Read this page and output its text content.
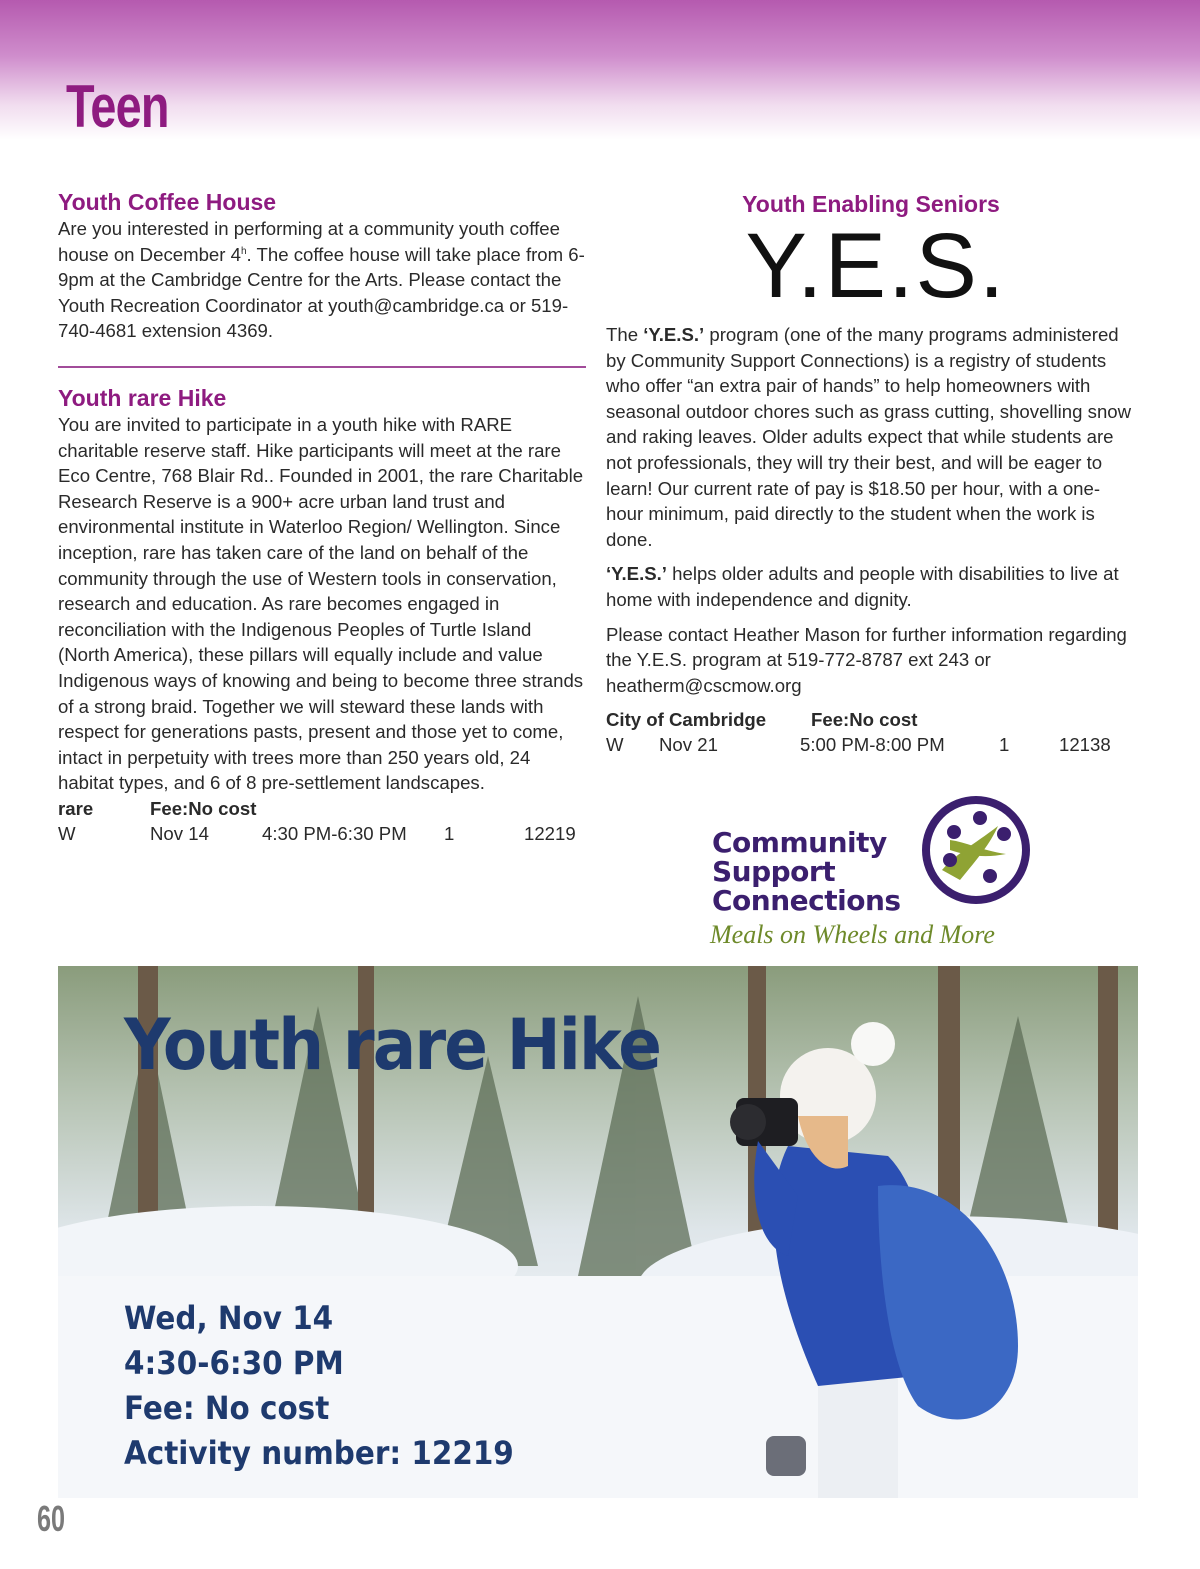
Teen
Youth Coffee House

Are you interested in performing at a community youth coffee house on December 4$^h$. The coffee house will take place from 6-9pm at the Cambridge Centre for the Arts. Please contact the Youth Recreation Coordinator at youth@cambridge.ca or 519-740-4681 extension 4369.

Youth rare Hike

You are invited to participate in a youth hike with RARE charitable reserve staff. Hike participants will meet at the rare Eco Centre, 768 Blair Rd.. Founded in 2001, the rare Charitable Research Reserve is a 900+ acre urban land trust and environmental institute in Waterloo Region/ Wellington. Since inception, rare has taken care of the land on behalf of the community through the use of Western tools in conservation, research and education. As rare becomes engaged in reconciliation with the Indigenous Peoples of Turtle Island (North America), these pillars will equally include and value Indigenous ways of knowing and being to become three strands of a strong braid. Together we will steward these lands with respect for generations pasts, present and those yet to come, intact in perpetuity with trees more than 250 years old, 24 habitat types, and 6 of 8 pre-settlement landscapes.

rare	Fee:No cost
W	Nov 14	4:30 PM-6:30 PM	1	12219
Youth Enabling Seniors
Y.E.S.

The ‘Y.E.S.’ program (one of the many programs administered by Community Support Connections) is a registry of students who offer “an extra pair of hands” to help homeowners with seasonal outdoor chores such as grass cutting, shovelling snow and raking leaves. Older adults expect that while students are not professionals, they will try their best, and will be eager to learn! Our current rate of pay is $18.50 per hour, with a one-hour minimum, paid directly to the student when the work is done.

‘Y.E.S.’ helps older adults and people with disabilities to live at home with independence and dignity.

Please contact Heather Mason for further information regarding the Y.E.S. program at 519-772-8787 ext 243 or heatherm@cscmow.org

City of Cambridge	Fee:No cost
W	Nov 21	5:00 PM-8:00 PM	1	12138
Community
Support
Connections
Meals on Wheels and More
Youth rare Hike
Wed, Nov 14
4:30-6:30 PM
Fee: No cost
Activity number: 12219
60
